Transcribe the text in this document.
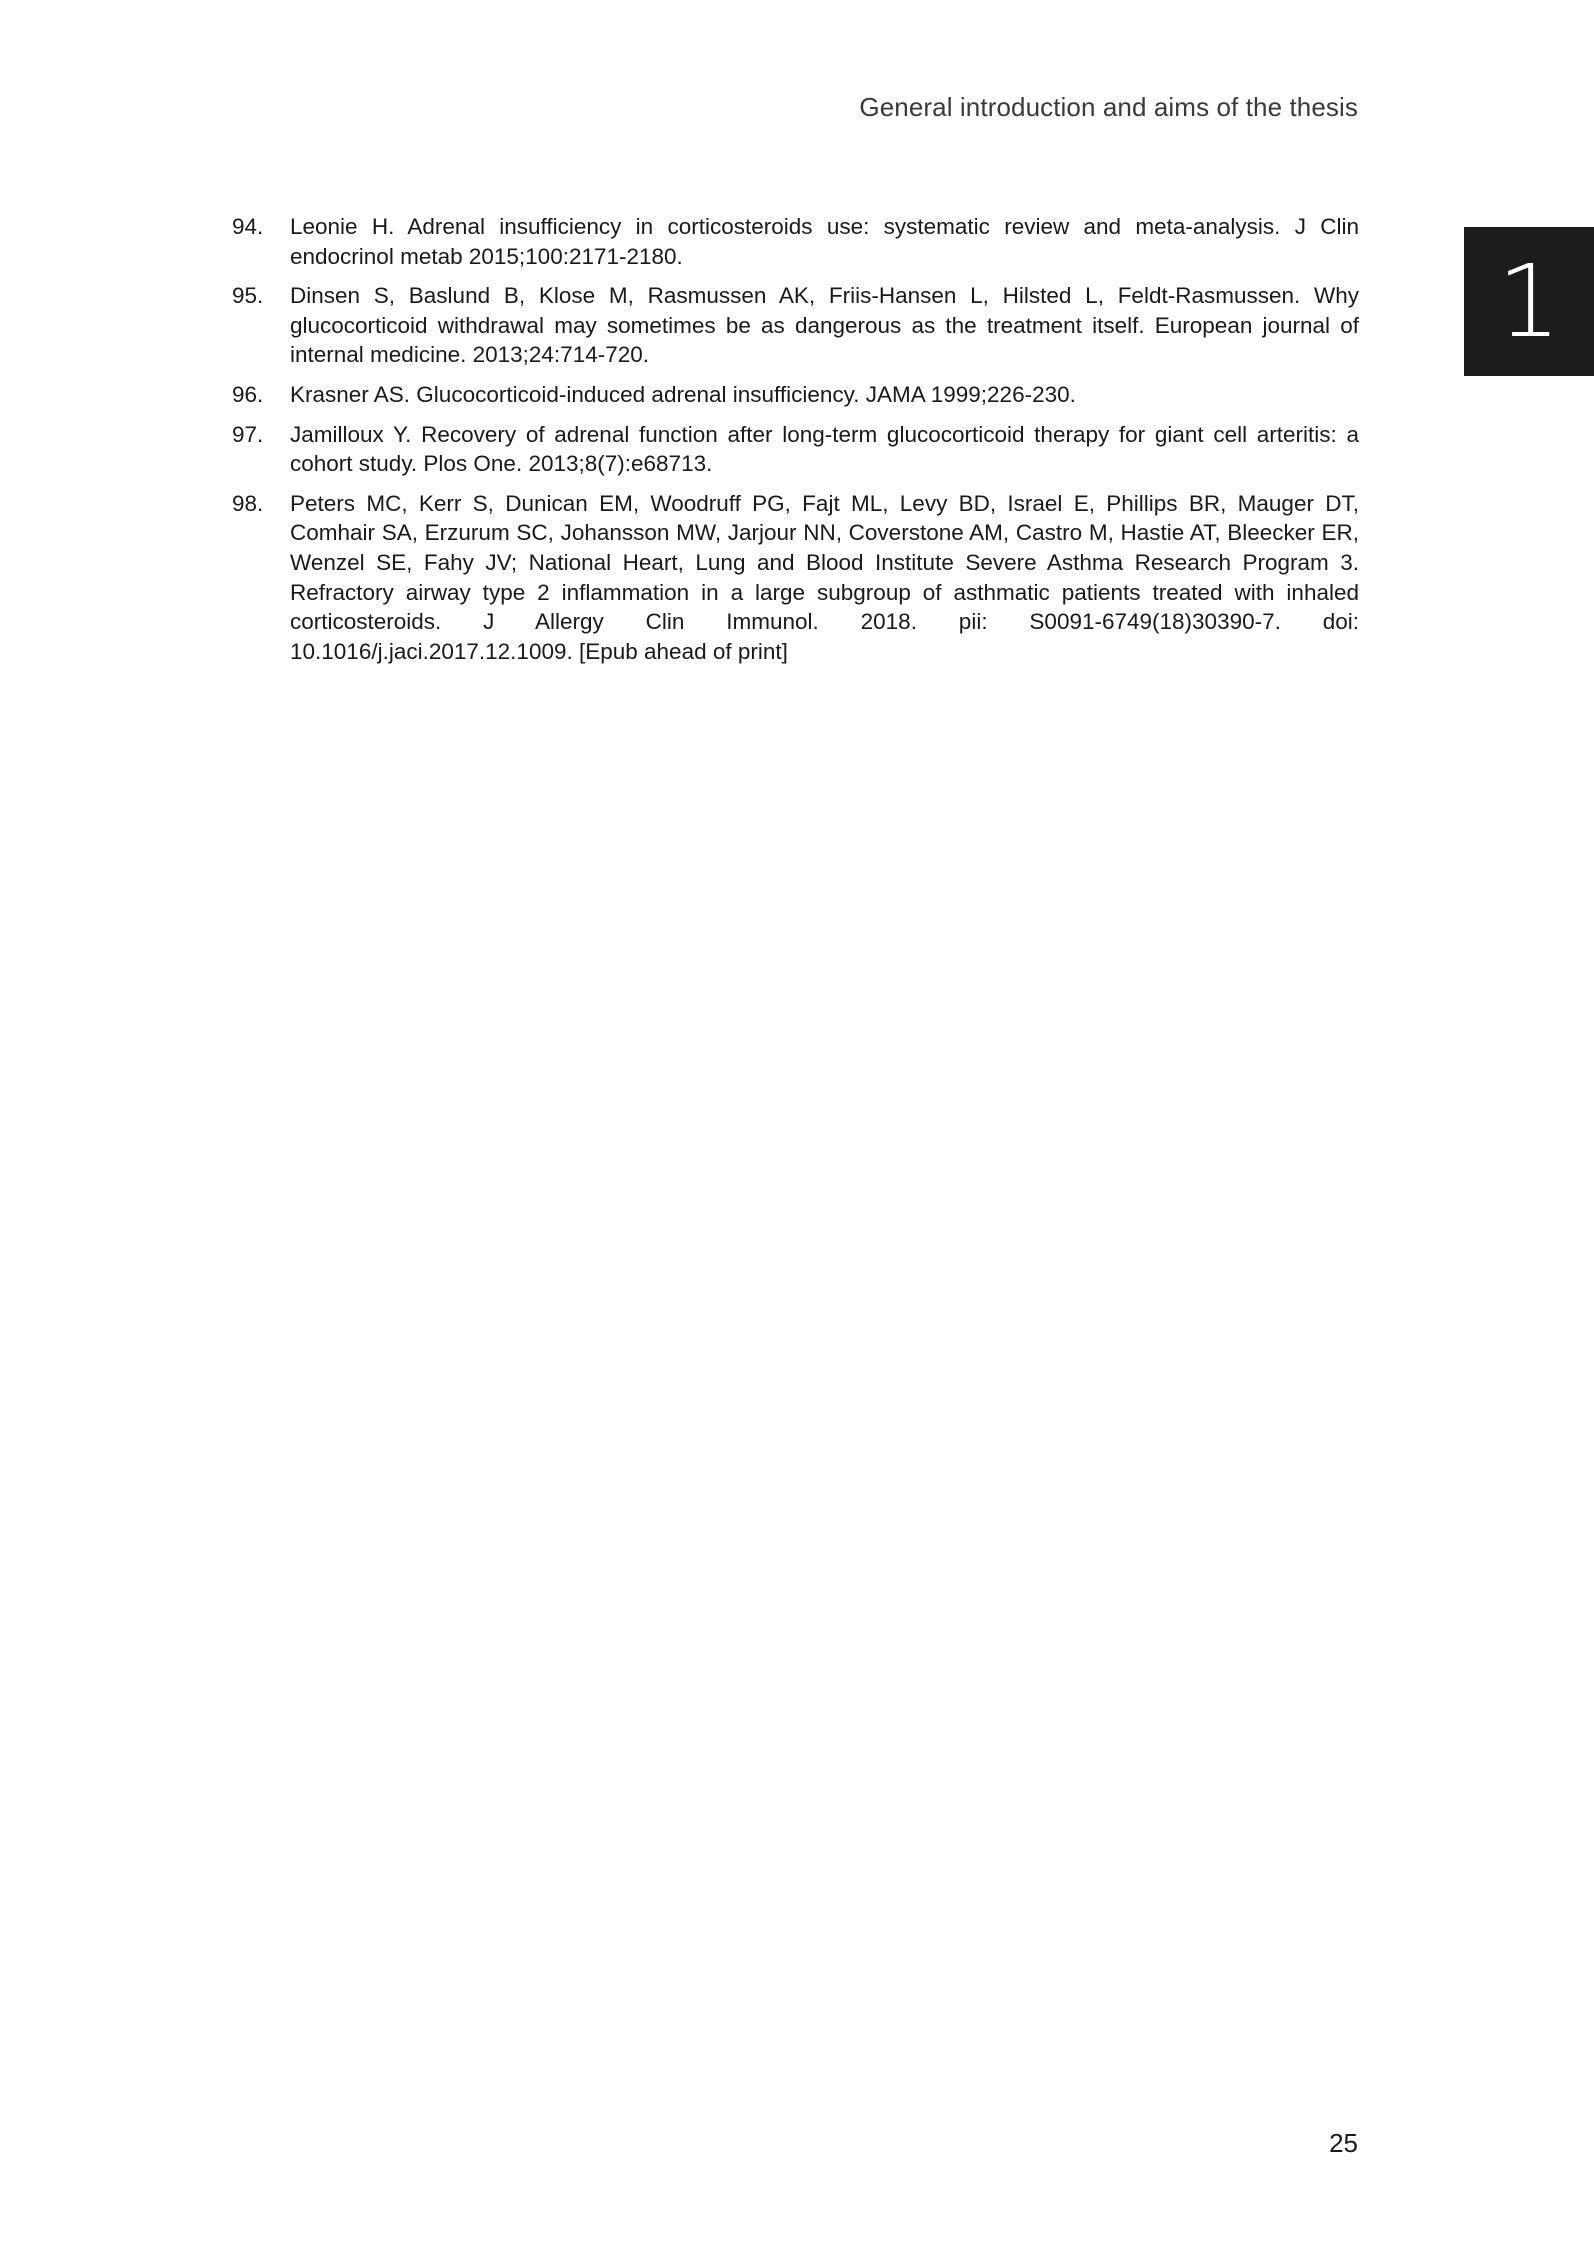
General introduction and aims of the thesis
1
94.	Leonie H. Adrenal insufficiency in corticosteroids use: systematic review and meta-analysis. J Clin endocrinol metab 2015;100:2171-2180.
95.	Dinsen S, Baslund B, Klose M, Rasmussen AK, Friis-Hansen L, Hilsted L, Feldt-Rasmussen. Why glucocorticoid withdrawal may sometimes be as dangerous as the treatment itself. European journal of internal medicine. 2013;24:714-720.
96.	Krasner AS. Glucocorticoid-induced adrenal insufficiency. JAMA 1999;226-230.
97.	Jamilloux Y. Recovery of adrenal function after long-term glucocorticoid therapy for giant cell arteritis: a cohort study. Plos One. 2013;8(7):e68713.
98.	Peters MC, Kerr S, Dunican EM, Woodruff PG, Fajt ML, Levy BD, Israel E, Phillips BR, Mauger DT, Comhair SA, Erzurum SC, Johansson MW, Jarjour NN, Coverstone AM, Castro M, Hastie AT, Bleecker ER, Wenzel SE, Fahy JV; National Heart, Lung and Blood Institute Severe Asthma Research Program 3. Refractory airway type 2 inflammation in a large subgroup of asthmatic patients treated with inhaled corticosteroids. J Allergy Clin Immunol. 2018. pii: S0091-6749(18)30390-7. doi: 10.1016/j.jaci.2017.12.1009. [Epub ahead of print]
25
